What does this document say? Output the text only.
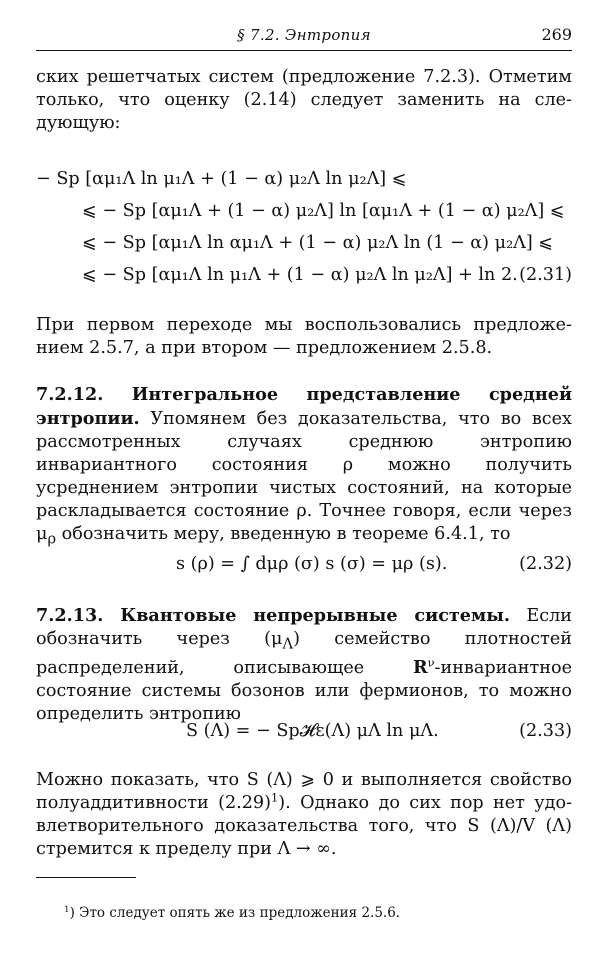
§ 7.2. Энтропия	269

ских решетчатых систем (предложение 7.2.3). Отметим только, что оценку (2.14) следует заменить на следующую:

− Sp [αμ₁Λ ln μ₁Λ + (1 − α) μ₂Λ ln μ₂Λ] ⩽
⩽ − Sp [αμ₁Λ + (1 − α) μ₂Λ] ln [αμ₁Λ + (1 − α) μ₂Λ] ⩽
⩽ − Sp [αμ₁Λ ln αμ₁Λ + (1 − α) μ₂Λ ln (1 − α) μ₂Λ] ⩽
⩽ − Sp [αμ₁Λ ln μ₁Λ + (1 − α) μ₂Λ ln μ₂Λ] + ln 2. (2.31)

При первом переходе мы воспользовались предложением 2.5.7, а при втором — предложением 2.5.8.

7.2.12. Интегральное представление средней энтропии. Упомянем без доказательства, что во всех рассмотренных случаях среднюю энтропию инвариантного состояния ρ можно получить усреднением энтропии чистых состояний, на которые раскладывается состояние ρ. Точнее говоря, если через $\mu_\rho$ обозначить меру, введенную в теореме 6.4.1, то

s (ρ) = ∫ dμρ (σ) s (σ) = μρ (s).	(2.32)

7.2.13. Квантовые непрерывные системы. Если обозначить через $(\mu_\Lambda)$ семейство плотностей распределений, описывающее $R^\nu$-инвариантное состояние системы бозонов или фермионов, то можно определить энтропию

S (Λ) = − Sp𝓗ε(Λ) μΛ ln μΛ.	(2.33)

Можно показать, что S (Λ) ⩾ 0 и выполняется свойство полуаддитивности $(2.29)^1$). Однако до сих пор нет удовлетворительного доказательства того, что S (Λ)/V (Λ) стремится к пределу при Λ → ∞.

$^1$) Это следует опять же из предложения 2.5.6.
